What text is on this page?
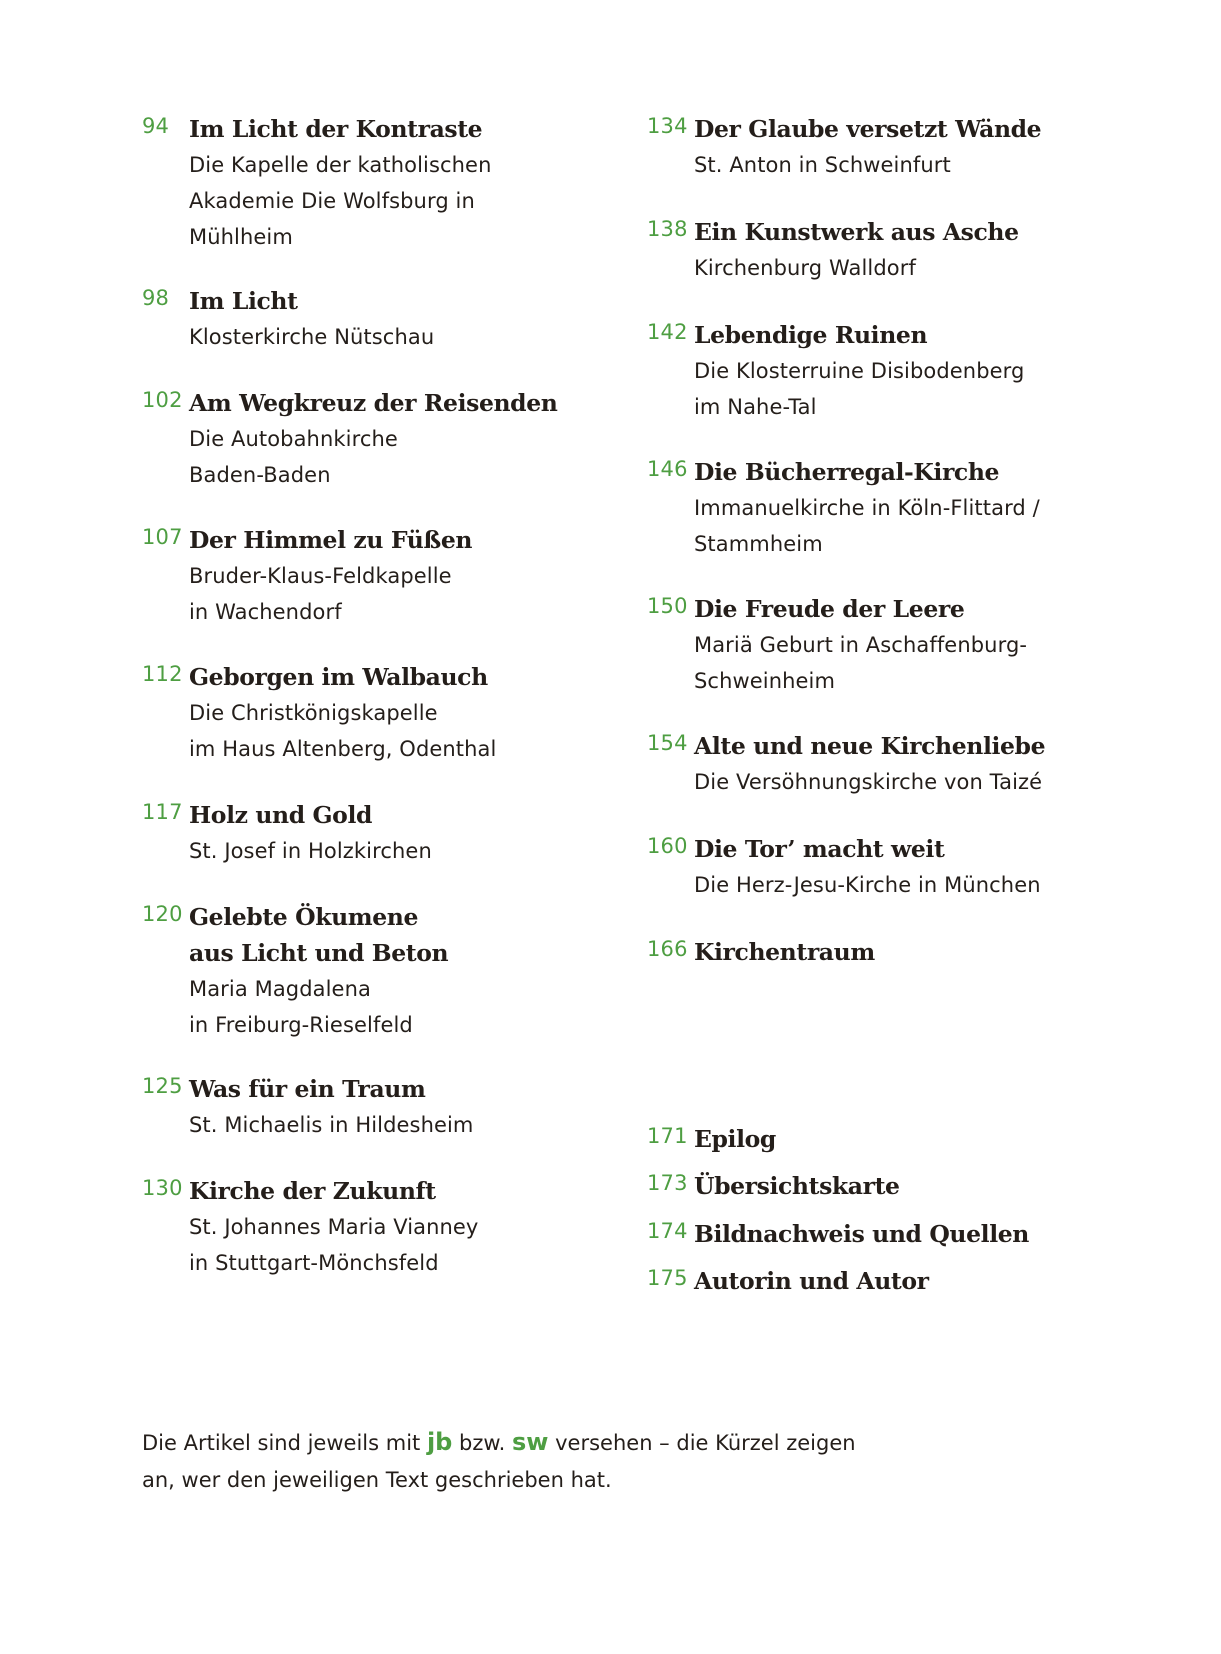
94 Im Licht der Kontraste
Die Kapelle der katholischen
Akademie Die Wolfsburg in
Mühlheim
98 Im Licht
Klosterkirche Nütschau
102 Am Wegkreuz der Reisenden
Die Autobahnkirche
Baden-Baden
107 Der Himmel zu Füßen
Bruder-Klaus-Feldkapelle
in Wachendorf
112 Geborgen im Walbauch
Die Christkönigskapelle
im Haus Altenberg, Odenthal
117 Holz und Gold
St. Josef in Holzkirchen
120 Gelebte Ökumene
aus Licht und Beton
Maria Magdalena
in Freiburg-Rieselfeld
125 Was für ein Traum
St. Michaelis in Hildesheim
130 Kirche der Zukunft
St. Johannes Maria Vianney
in Stuttgart-Mönchsfeld
134 Der Glaube versetzt Wände
St. Anton in Schweinfurt
138 Ein Kunstwerk aus Asche
Kirchenburg Walldorf
142 Lebendige Ruinen
Die Klosterruine Disibodenberg
im Nahe-Tal
146 Die Bücherregal-Kirche
Immanuelkirche in Köln-Flittard /
Stammheim
150 Die Freude der Leere
Mariä Geburt in Aschaffenburg-
Schweinheim
154 Alte und neue Kirchenliebe
Die Versöhnungskirche von Taizé
160 Die Tor’ macht weit
Die Herz-Jesu-Kirche in München
166 Kirchentraum
171 Epilog
173 Übersichtskarte
174 Bildnachweis und Quellen
175 Autorin und Autor
Die Artikel sind jeweils mit jb bzw. sw versehen – die Kürzel zeigen
an, wer den jeweiligen Text geschrieben hat.
